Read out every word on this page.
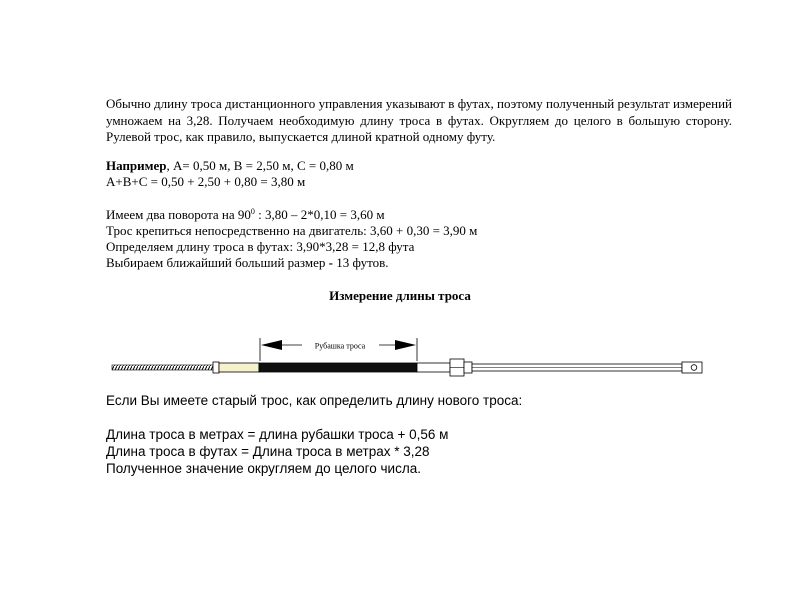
Обычно длину троса дистанционного управления указывают в футах, поэтому полученный результат измерений умножаем на 3,28. Получаем необходимую длину троса в футах. Округляем до целого в большую сторону. Рулевой трос, как правило, выпускается длиной кратной одному футу.

Например, A= 0,50 м, B = 2,50 м, C = 0,80 м

A+B+C = 0,50 + 2,50 + 0,80 = 3,80 м

Имеем два поворота на $90^0$ : 3,80 – 2*0,10 = 3,60 м

Трос крепиться непосредственно на двигатель: 3,60 + 0,30 = 3,90 м

Определяем длину троса в футах: 3,90*3,28 = 12,8 фута

Выбираем ближайший больший размер - 13 футов.

Измерение длины троса

Рубашка троса

Если Вы имеете старый трос, как определить длину нового троса:

Длина троса в метрах = длина рубашки троса + 0,56 м

Длина троса в футах = Длина троса в метрах * 3,28

Полученное значение округляем до целого числа.
